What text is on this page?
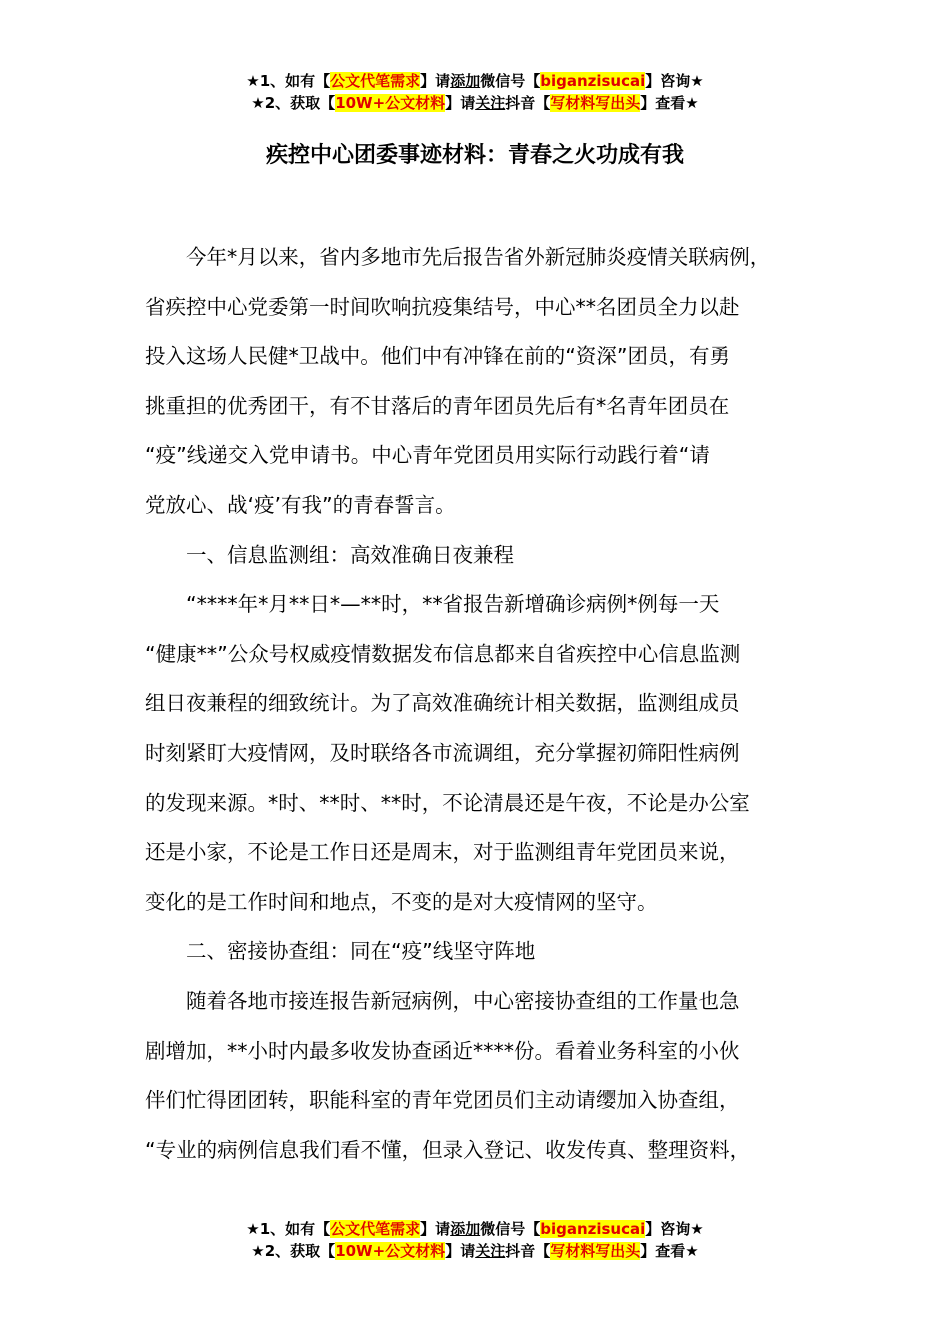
★1、如有【公文代笔需求】请添加微信号【biganzisucai】咨询★
★2、获取【10W+公文材料】请关注抖音【写材料写出头】查看★
疾控中心团委事迹材料：青春之火功成有我

今年*月以来，省内多地市先后报告省外新冠肺炎疫情关联病例，

省疾控中心党委第一时间吹响抗疫集结号，中心**名团员全力以赴

投入这场人民健*卫战中。他们中有冲锋在前的“资深”团员，有勇

挑重担的优秀团干，有不甘落后的青年团员先后有*名青年团员在

“疫”线递交入党申请书。中心青年党团员用实际行动践行着“请

党放心、战‘疫’有我”的青春誓言。

一、信息监测组：高效准确日夜兼程

“****年*月**日*—**时，**省报告新增确诊病例*例每一天

“健康**”公众号权威疫情数据发布信息都来自省疾控中心信息监测

组日夜兼程的细致统计。为了高效准确统计相关数据，监测组成员

时刻紧盯大疫情网，及时联络各市流调组，充分掌握初筛阳性病例

的发现来源。*时、**时、**时，不论清晨还是午夜，不论是办公室

还是小家，不论是工作日还是周末，对于监测组青年党团员来说，

变化的是工作时间和地点，不变的是对大疫情网的坚守。

二、密接协查组：同在“疫”线坚守阵地

随着各地市接连报告新冠病例，中心密接协查组的工作量也急

剧增加，**小时内最多收发协查函近****份。看着业务科室的小伙

伴们忙得团团转，职能科室的青年党团员们主动请缨加入协查组，

“专业的病例信息我们看不懂，但录入登记、收发传真、整理资料，

★1、如有【公文代笔需求】请添加微信号【biganzisucai】咨询★
★2、获取【10W+公文材料】请关注抖音【写材料写出头】查看★
